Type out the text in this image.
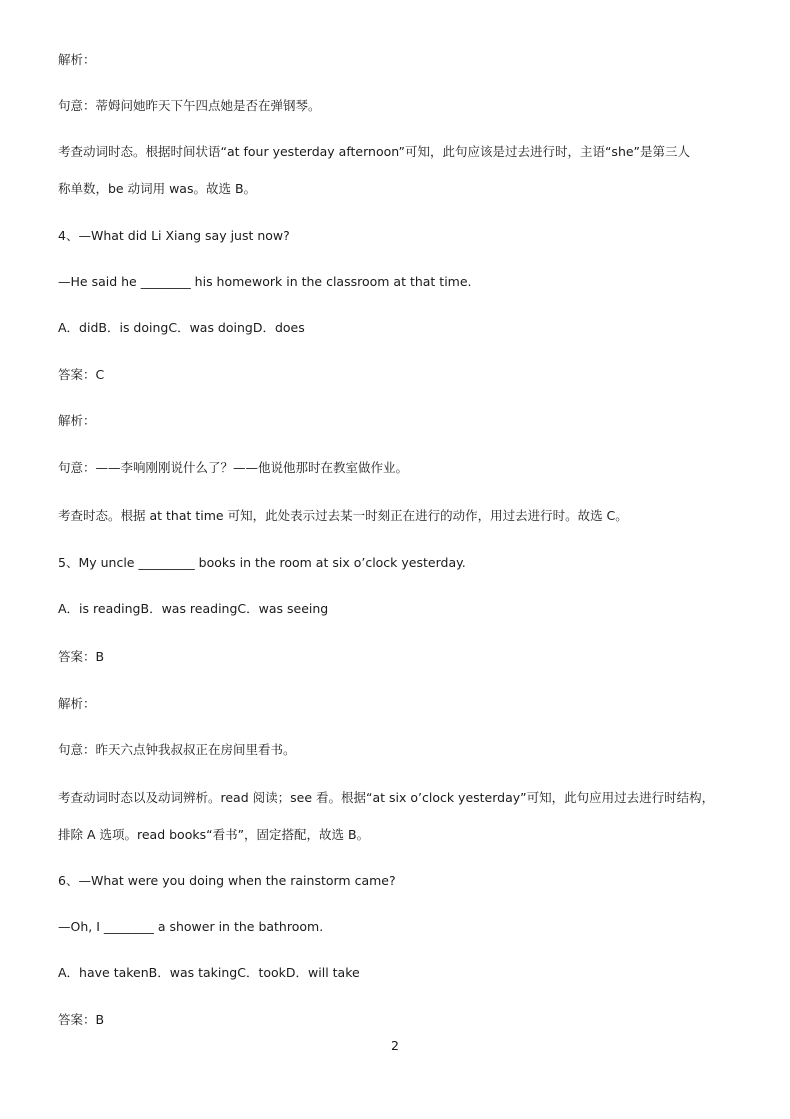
解析：
句意：蒂姆问她昨天下午四点她是否在弹钢琴。
考查动词时态。根据时间状语“at four yesterday afternoon”可知，此句应该是过去进行时，主语“she”是第三人
称单数，be 动词用 was。故选 B。
4、—What did Li Xiang say just now?
—He said he ________ his homework in the classroom at that time.
A．didB．is doingC．was doingD．does
答案：C
解析：
句意：——李响刚刚说什么了？——他说他那时在教室做作业。
考查时态。根据 at that time 可知，此处表示过去某一时刻正在进行的动作，用过去进行时。故选 C。
5、My uncle _________ books in the room at six o’clock yesterday.
A．is readingB．was readingC．was seeing
答案：B
解析：
句意：昨天六点钟我叔叔正在房间里看书。
考查动词时态以及动词辨析。read 阅读；see 看。根据“at six o’clock yesterday”可知，此句应用过去进行时结构，
排除 A 选项。read books“看书”，固定搭配，故选 B。
6、—What were you doing when the rainstorm came?
—Oh, I ________ a shower in the bathroom.
A．have takenB．was takingC．tookD．will take
答案：B
2
